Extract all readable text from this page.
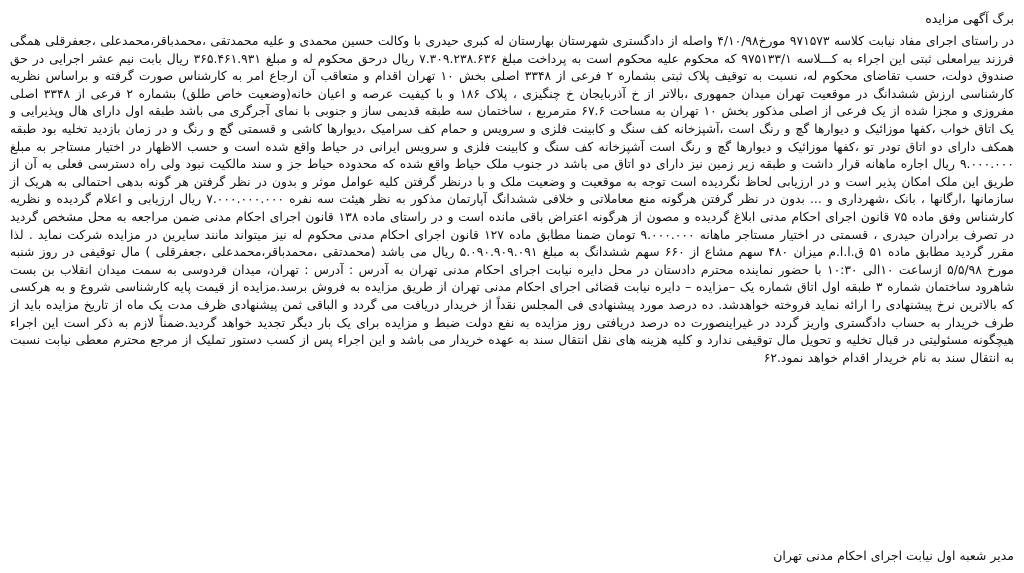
برگ آگهی مزایده

در راستای اجرای مفاد نیابت کلاسه ۹۷۱۵۷۳ مورخ۴/۱۰/۹۸ واصله از دادگستری شهرستان بهارستان له کبری حیدری با وکالت حسین محمدی و علیه محمدتقی ،محمدباقر،محمدعلی ،جعفرقلی همگی فرزند بیرامعلی ثبتی این اجراء به کـــلاسه ۹۷۵۱۳۳/۱ که محکوم علیه محکوم است به پرداخت مبلغ ۷.۳۰۹.۲۳۸.۶۳۶ ریال درحق محکوم له و مبلغ ۳۶۵.۴۶۱.۹۳۱ ریال بابت نیم عشر اجرایی در حق صندوق دولت، حسب تقاضای محکوم له، نسبت به توقیف پلاک ثبتی بشماره ۲ فرعی از ۳۳۴۸ اصلی بخش ۱۰ تهران اقدام و متعاقب آن ارجاع امر به کارشناس صورت گرفته و براساس نظریه کارشناسی ارزش ششدانگ در موقعیت تهران میدان جمهوری ،بالاتر از خ آذربایجان خ چنگیزی ، پلاک ۱۸۶ و با کیفیت عرصه و اعیان خانه(وضعیت خاص طلق) بشماره ۲ فرعی از ۳۳۴۸ اصلی مفروزی و مجزا شده از یک فرعی از اصلی مذکور بخش ۱۰ تهران به مساحت ۶۷.۶ مترمربع ، ساختمان سه طبقه قدیمی ساز و جنوبی با نمای آجرگری می باشد طبقه اول دارای هال وپذیرایی و یک اتاق خواب ،کفها موزائیک و دیوارها گچ و رنگ است ،آشپزخانه کف سنگ و کابینت فلزی و سرویس و حمام کف سرامیک ،دیوارها کاشی و قسمتی گچ و رنگ و در زمان بازدید تخلیه بود طبقه همکف دارای دو اتاق تودر تو ،کفها موزائیک و دیوارها گچ و رنگ است آشپزخانه کف سنگ و کابینت فلزی و سرویس ایرانی در حیاط واقع شده است و حسب الاظهار در اختیار مستاجر به مبلغ ۹.۰۰۰.۰۰۰ ریال اجاره ماهانه قرار داشت و طبقه زیر زمین نیز دارای دو اتاق می باشد در جنوب ملک حیاط واقع شده که محدوده حیاط جز و سند مالکیت نبود ولی راه دسترسی فعلی به آن از طریق این ملک امکان پذیر است و در ارزیابی لحاظ نگردیده است توجه به موقعیت و وضعیت ملک و با درنظر گرفتن کلیه عوامل موثر و بدون در نظر گرفتن هر گونه بدهی احتمالی به هریک از سازمانها ،ارگانها ، بانک ،شهرداری و ... بدون در نظر گرفتن هرگونه منع معاملاتی و خلافی ششدانگ آپارتمان مذکور به نظر هیئت سه نفره ۷.۰۰۰.۰۰۰.۰۰۰ ریال ارزیابی و اعلام گردیده و نظریه کارشناس وفق ماده ۷۵ قانون اجرای احکام مدنی ابلاغ گردیده و مصون از هرگونه اعتراض باقی مانده است و در راستای ماده ۱۳۸ قانون اجرای احکام مدنی ضمن مراجعه به محل مشخص گردید در تصرف برادران حیدری ، قسمتی در اختیار مستاجر ماهانه ۹.۰۰۰.۰۰۰ تومان ضمنا مطابق ماده ۱۲۷ قانون اجرای احکام مدنی محکوم له نیز میتواند مانند سایرین در مزایده شرکت نماید . لذا مقرر گردید مطابق ماده ۵۱ ق.ا.ا.م میزان ۴۸۰ سهم مشاع از ۶۶۰ سهم ششدانگ به مبلغ ۵.۰۹۰.۹۰۹.۰۹۱ ریال می باشد (محمدتقی ،محمدباقر،محمدعلی ،جعفرقلی ) مال توقیفی در روز شنبه مورخ ۵/۵/۹۸ ازساعت ۱۰الی ۱۰:۳۰ با حضور نماینده محترم دادستان در محل دایره نیابت اجرای احکام مدنی تهران به آدرس : آدرس : تهران، میدان فردوسی به سمت میدان انقلاب بن بست شاهرود ساختمان شماره ۳ طبقه اول اتاق شماره یک –مزایده – دایره نیابت قضائی اجرای احکام مدنی تهران از طریق مزایده به فروش برسد.مزایده از قیمت پایه کارشناسی شروع و به هرکسی که بالاترین نرخ پیشنهادی را ارائه نماید فروخته خواهدشد. ده درصد مورد پیشنهادی فی المجلس نقداً از خریدار دریافت می گردد و الباقی ثمن پیشنهادی ظرف مدت یک ماه از تاریخ مزایده باید از طرف خریدار به حساب دادگستری واریز گردد در غیراینصورت ده درصد دریافتی روز مزایده به نفع دولت ضبط و مزایده برای یک بار دیگر تجدید خواهد گردید.ضمناً لازم به ذکر است این اجراء هیچگونه مسئولیتی در قبال تخلیه و تحویل مال توقیفی ندارد و کلیه هزینه های نقل انتقال سند به عهده خریدار می باشد و این اجراء پس از کسب دستور تملیک از مرجع محترم معطی نیابت نسبت به انتقال سند به نام خریدار اقدام خواهد نمود.۶۲

مدیر شعبه اول نیابت اجرای احکام مدنی تهران
